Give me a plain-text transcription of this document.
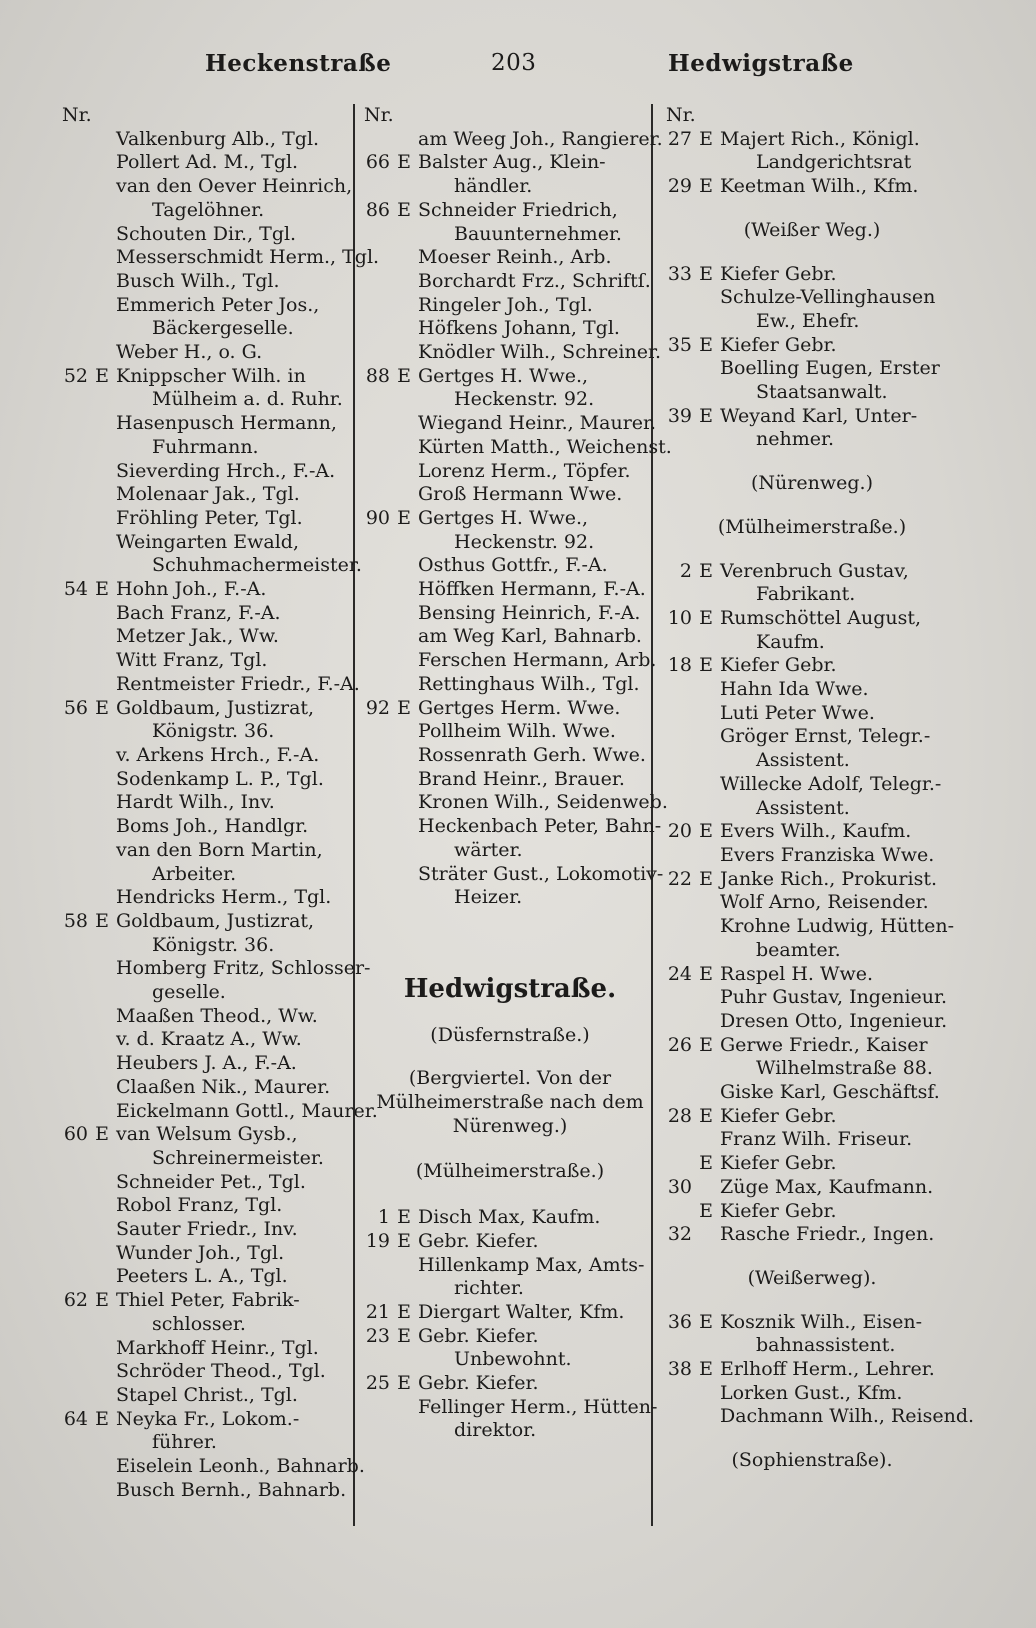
Heckenstraße	203	Hedwigstraße
Nr.
Valkenburg Alb., Tgl.
Pollert Ad. M., Tgl.
van den Oever Heinrich,
Tagelöhner.
Schouten Dir., Tgl.
Messerschmidt Herm., Tgl.
Busch Wilh., Tgl.
Emmerich Peter Jos.,
Bäckergeselle.
Weber H., o. G.
52 E Knippscher Wilh. in
Mülheim a. d. Ruhr.
Hasenpusch Hermann,
Fuhrmann.
Sieverding Hrch., F.-A.
Molenaar Jak., Tgl.
Fröhling Peter, Tgl.
Weingarten Ewald,
Schuhmachermeister.
54 E Hohn Joh., F.-A.
Bach Franz, F.-A.
Metzer Jak., Ww.
Witt Franz, Tgl.
Rentmeister Friedr., F.-A.
56 E Goldbaum, Justizrat,
Königstr. 36.
v. Arkens Hrch., F.-A.
Sodenkamp L. P., Tgl.
Hardt Wilh., Inv.
Boms Joh., Handlgr.
van den Born Martin,
Arbeiter.
Hendricks Herm., Tgl.
58 E Goldbaum, Justizrat,
Königstr. 36.
Homberg Fritz, Schlosser-
geselle.
Maaßen Theod., Ww.
v. d. Kraatz A., Ww.
Heubers J. A., F.-A.
Claaßen Nik., Maurer.
Eickelmann Gottl., Maurer.
60 E van Welsum Gysb.,
Schreinermeister.
Schneider Pet., Tgl.
Robol Franz, Tgl.
Sauter Friedr., Inv.
Wunder Joh., Tgl.
Peeters L. A., Tgl.
62 E Thiel Peter, Fabrik-
schlosser.
Markhoff Heinr., Tgl.
Schröder Theod., Tgl.
Stapel Christ., Tgl.
64 E Neyka Fr., Lokom.-
führer.
Eiselein Leonh., Bahnarb.
Busch Bernh., Bahnarb.
Nr.
am Weeg Joh., Rangierer.
66 E Balster Aug., Klein-
händler.
86 E Schneider Friedrich,
Bauunternehmer.
Moeser Reinh., Arb.
Borchardt Frz., Schriftſ.
Ringeler Joh., Tgl.
Höfkens Johann, Tgl.
Knödler Wilh., Schreiner.
88 E Gertges H. Wwe.,
Heckenstr. 92.
Wiegand Heinr., Maurer.
Kürten Matth., Weichenst.
Lorenz Herm., Töpfer.
Groß Hermann Wwe.
90 E Gertges H. Wwe.,
Heckenstr. 92.
Osthus Gottfr., F.-A.
Höffken Hermann, F.-A.
Bensing Heinrich, F.-A.
am Weg Karl, Bahnarb.
Ferschen Hermann, Arb.
Rettinghaus Wilh., Tgl.
92 E Gertges Herm. Wwe.
Pollheim Wilh. Wwe.
Rossenrath Gerh. Wwe.
Brand Heinr., Brauer.
Kronen Wilh., Seidenweb.
Heckenbach Peter, Bahn-
wärter.
Sträter Gust., Lokomotiv-
Heizer.
Hedwigstraße.
(Düsfernstraße.)
(Bergviertel. Von der Mülheimerstraße nach dem Nürenweg.)
(Mülheimerstraße.)
1 E Disch Max, Kaufm.
19 E Gebr. Kiefer.
Hillenkamp Max, Amts-
richter.
21 E Diergart Walter, Kfm.
23 E Gebr. Kiefer.
Unbewohnt.
25 E Gebr. Kiefer.
Fellinger Herm., Hütten-
direktor.
Nr.
27 E Majert Rich., Königl.
Landgerichtsrat
29 E Keetman Wilh., Kfm.
(Weißer Weg.)
33 E Kiefer Gebr.
Schulze-Vellinghausen
Ew., Ehefr.
35 E Kiefer Gebr.
Boelling Eugen, Erster
Staatsanwalt.
39 E Weyand Karl, Unter-
nehmer.
(Nürenweg.)
(Mülheimerstraße.)
2 E Verenbruch Gustav,
Fabrikant.
10 E Rumschöttel August,
Kaufm.
18 E Kiefer Gebr.
Hahn Ida Wwe.
Luti Peter Wwe.
Gröger Ernst, Telegr.-
Assistent.
Willecke Adolf, Telegr.-
Assistent.
20 E Evers Wilh., Kaufm.
Evers Franziska Wwe.
22 E Janke Rich., Prokurist.
Wolf Arno, Reisender.
Krohne Ludwig, Hütten-
beamter.
24 E Raspel H. Wwe.
Puhr Gustav, Ingenieur.
Dresen Otto, Ingenieur.
26 E Gerwe Friedr., Kaiser
Wilhelmstraße 88.
Giske Karl, Geschäftsf.
28 E Kiefer Gebr.
Franz Wilh. Friseur.
E Kiefer Gebr.
30 Züge Max, Kaufmann.
E Kiefer Gebr.
32 Rasche Friedr., Ingen.
(Weißerweg).
36 E Kosznik Wilh., Eisen-
bahnassistent.
38 E Erlhoff Herm., Lehrer.
Lorken Gust., Kfm.
Dachmann Wilh., Reisend.
(Sophienstraße).
